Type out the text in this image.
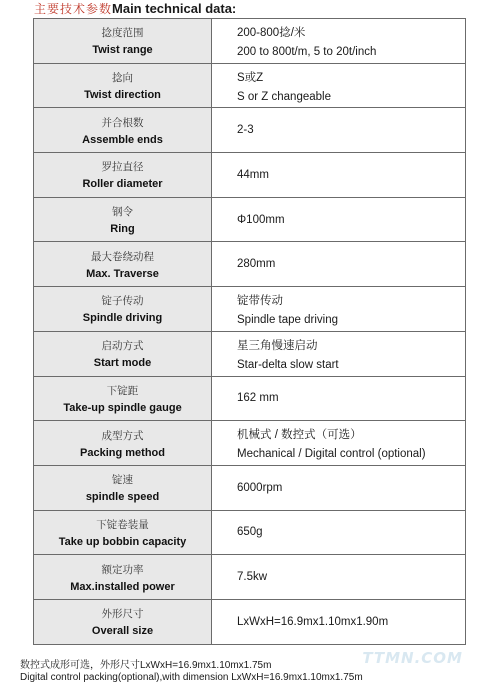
主要技术参数Main technical data:
捻度范围
Twist range
200-800捻/米
200 to 800t/m, 5 to 20t/inch
捻向
Twist direction
S或Z
S or Z changeable
并合根数
Assemble ends
2-3
罗拉直径
Roller diameter
44mm
钢令
Ring
Φ100mm
最大卷绕动程
Max. Traverse
280mm
锭子传动
Spindle driving
锭带传动
Spindle tape driving
启动方式
Start mode
星三角慢速启动
Star-delta slow start
下锭距
Take-up spindle gauge
162 mm
成型方式
Packing method
机械式 / 数控式（可选）
Mechanical / Digital control (optional)
锭速
spindle speed
6000rpm
下锭卷装量
Take up bobbin capacity
650g
额定功率
Max.installed power
7.5kw
外形尺寸
Overall size
LxWxH=16.9mx1.10mx1.90m
数控式成形可选，外形尺寸LxWxH=16.9mx1.10mx1.75m
Digital control packing(optional),with dimension LxWxH=16.9mx1.10mx1.75m
TTMN.COM
